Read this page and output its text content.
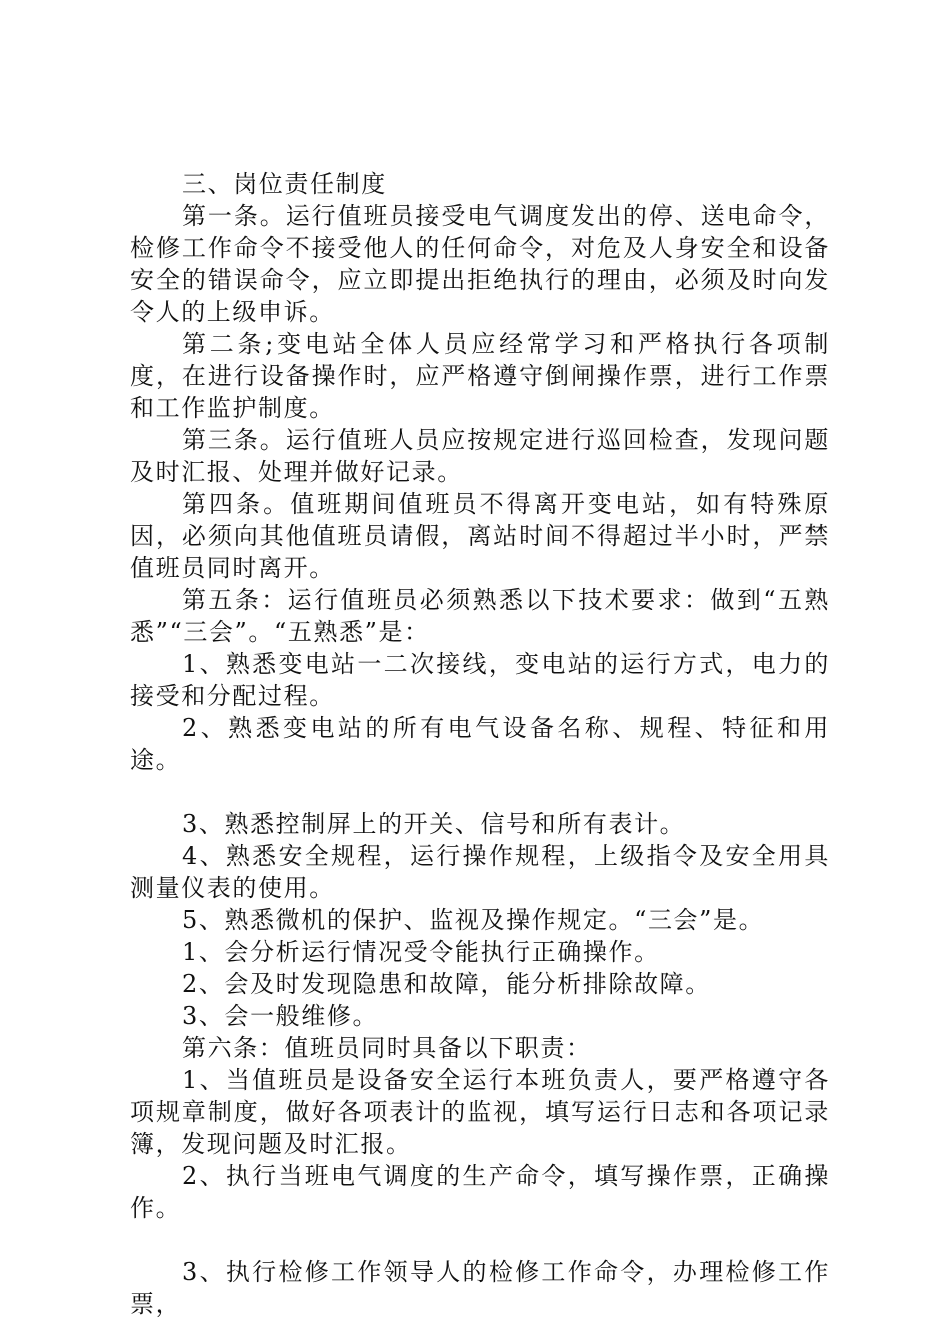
三、岗位责任制度

第一条。运行值班员接受电气调度发出的停、送电命令，检修工作命令不接受他人的任何命令，对危及人身安全和设备安全的错误命令，应立即提出拒绝执行的理由，必须及时向发令人的上级申诉。

第二条;变电站全体人员应经常学习和严格执行各项制度，在进行设备操作时，应严格遵守倒闸操作票，进行工作票和工作监护制度。

第三条。运行值班人员应按规定进行巡回检查，发现问题及时汇报、处理并做好记录。

第四条。值班期间值班员不得离开变电站，如有特殊原因，必须向其他值班员请假，离站时间不得超过半小时，严禁值班员同时离开。

第五条：运行值班员必须熟悉以下技术要求：做到“五熟悉”“三会”。“五熟悉”是：

1、熟悉变电站一二次接线，变电站的运行方式，电力的接受和分配过程。

2、熟悉变电站的所有电气设备名称、规程、特征和用途。

3、熟悉控制屏上的开关、信号和所有表计。

4、熟悉安全规程，运行操作规程，上级指令及安全用具测量仪表的使用。

5、熟悉微机的保护、监视及操作规定。“三会”是。

1、会分析运行情况受令能执行正确操作。

2、会及时发现隐患和故障，能分析排除故障。

3、会一般维修。

第六条：值班员同时具备以下职责：

1、当值班员是设备安全运行本班负责人，要严格遵守各项规章制度，做好各项表计的监视，填写运行日志和各项记录簿，发现问题及时汇报。

2、执行当班电气调度的生产命令，填写操作票，正确操作。

3、执行检修工作领导人的检修工作命令，办理检修工作票，
